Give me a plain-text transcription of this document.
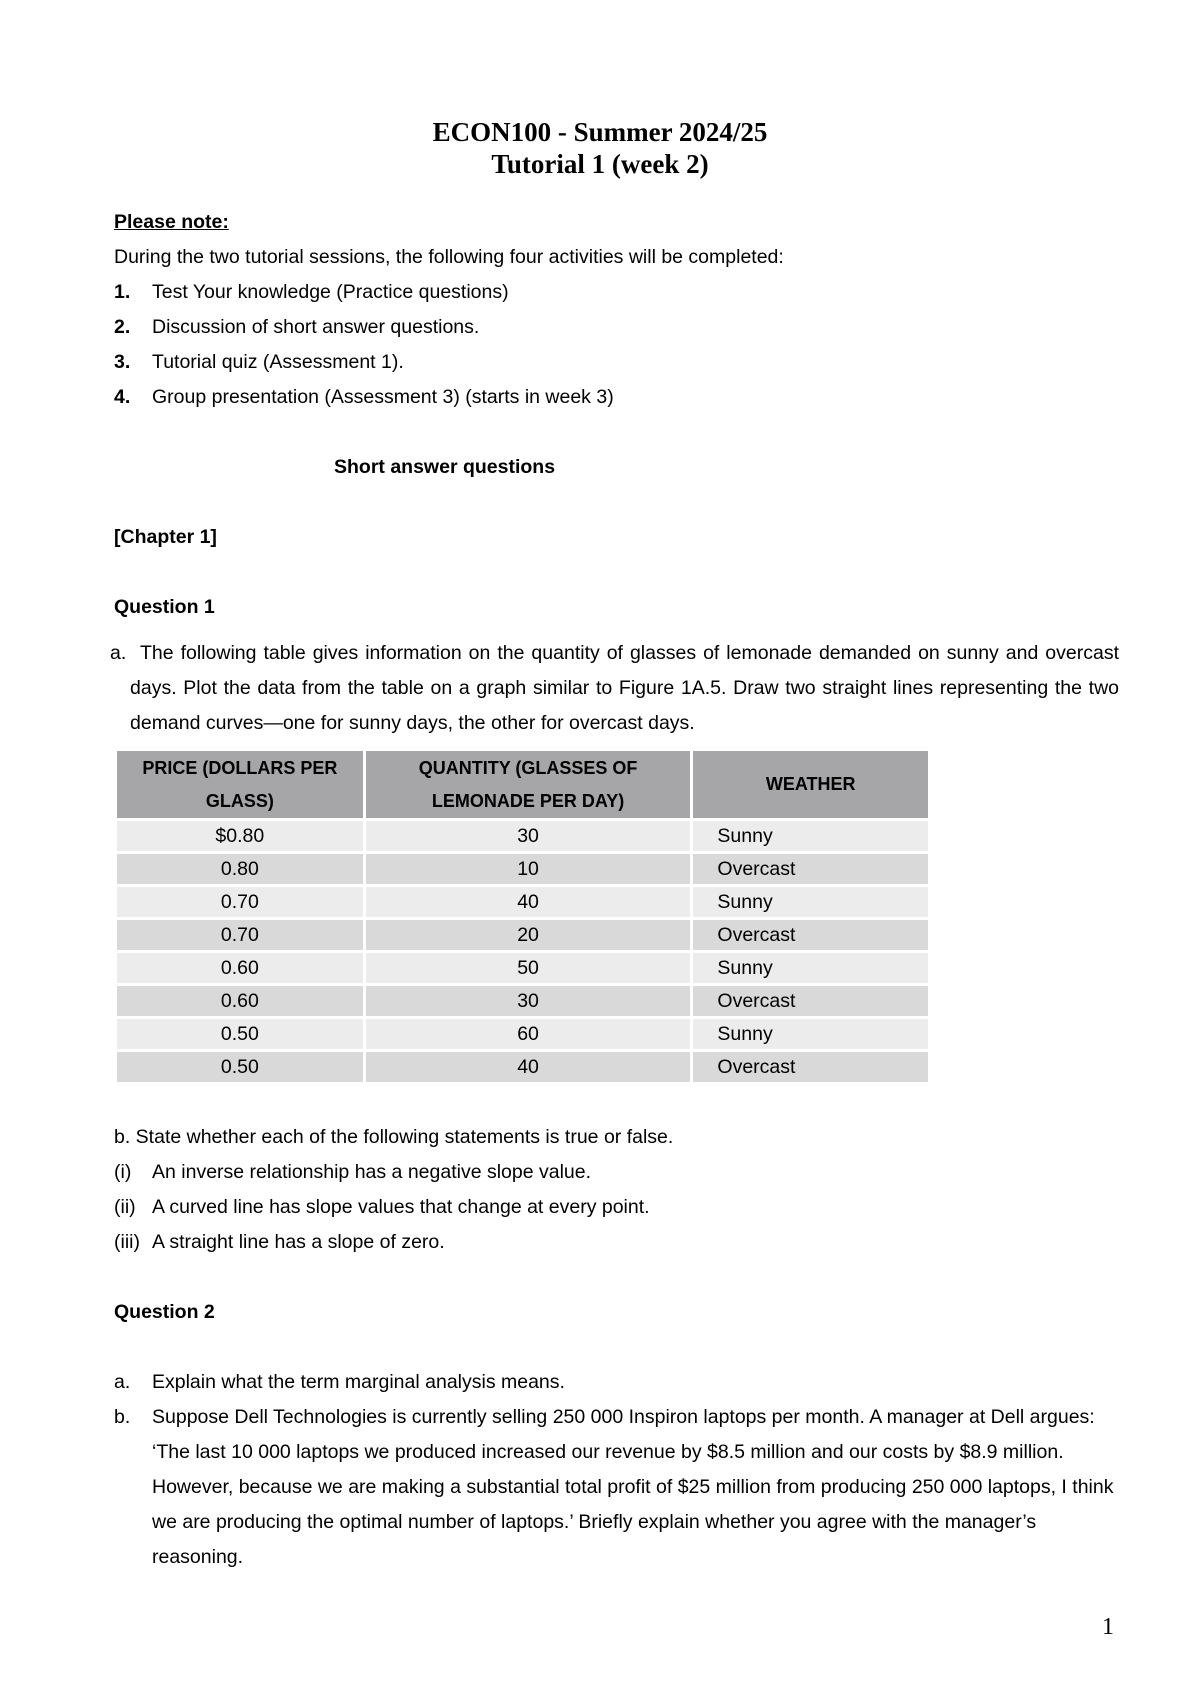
ECON100 - Summer 2024/25
Tutorial 1 (week 2)
Please note:
During the two tutorial sessions, the following four activities will be completed:
1. Test Your knowledge (Practice questions)
2. Discussion of short answer questions.
3. Tutorial quiz (Assessment 1).
4. Group presentation (Assessment 3) (starts in week 3)
Short answer questions
[Chapter 1]
Question 1
a. The following table gives information on the quantity of glasses of lemonade demanded on sunny and overcast days. Plot the data from the table on a graph similar to Figure 1A.5. Draw two straight lines representing the two demand curves—one for sunny days, the other for overcast days.
PRICE (DOLLARS PER GLASS)	QUANTITY (GLASSES OF LEMONADE PER DAY)	WEATHER
$0.80	30	Sunny
0.80	10	Overcast
0.70	40	Sunny
0.70	20	Overcast
0.60	50	Sunny
0.60	30	Overcast
0.50	60	Sunny
0.50	40	Overcast
b. State whether each of the following statements is true or false.
(i) An inverse relationship has a negative slope value.
(ii) A curved line has slope values that change at every point.
(iii) A straight line has a slope of zero.
Question 2
a. Explain what the term marginal analysis means.
b. Suppose Dell Technologies is currently selling 250 000 Inspiron laptops per month. A manager at Dell argues: ‘The last 10 000 laptops we produced increased our revenue by $8.5 million and our costs by $8.9 million. However, because we are making a substantial total profit of $25 million from producing 250 000 laptops, I think we are producing the optimal number of laptops.’ Briefly explain whether you agree with the manager’s reasoning.
1
